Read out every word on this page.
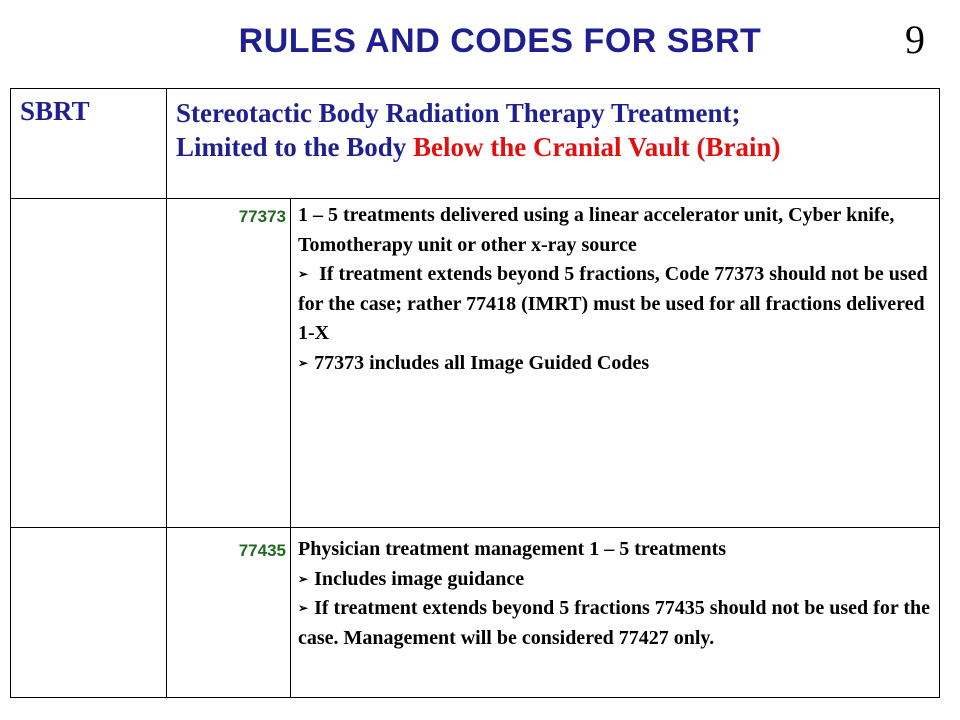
RULES AND CODES FOR SBRT	9
SBRT	Stereotactic Body Radiation Therapy Treatment;
Limited to the Body Below the Cranial Vault (Brain)
77373 1 – 5 treatments delivered using a linear accelerator unit, Cyber knife, Tomotherapy unit or other x-ray source
➢ If treatment extends beyond 5 fractions, Code 77373 should not be used for the case; rather 77418 (IMRT) must be used for all fractions delivered 1-X
➢ 77373 includes all Image Guided Codes
77435 Physician treatment management 1 – 5 treatments
➢ Includes image guidance
➢ If treatment extends beyond 5 fractions 77435 should not be used for the case. Management will be considered 77427 only.
